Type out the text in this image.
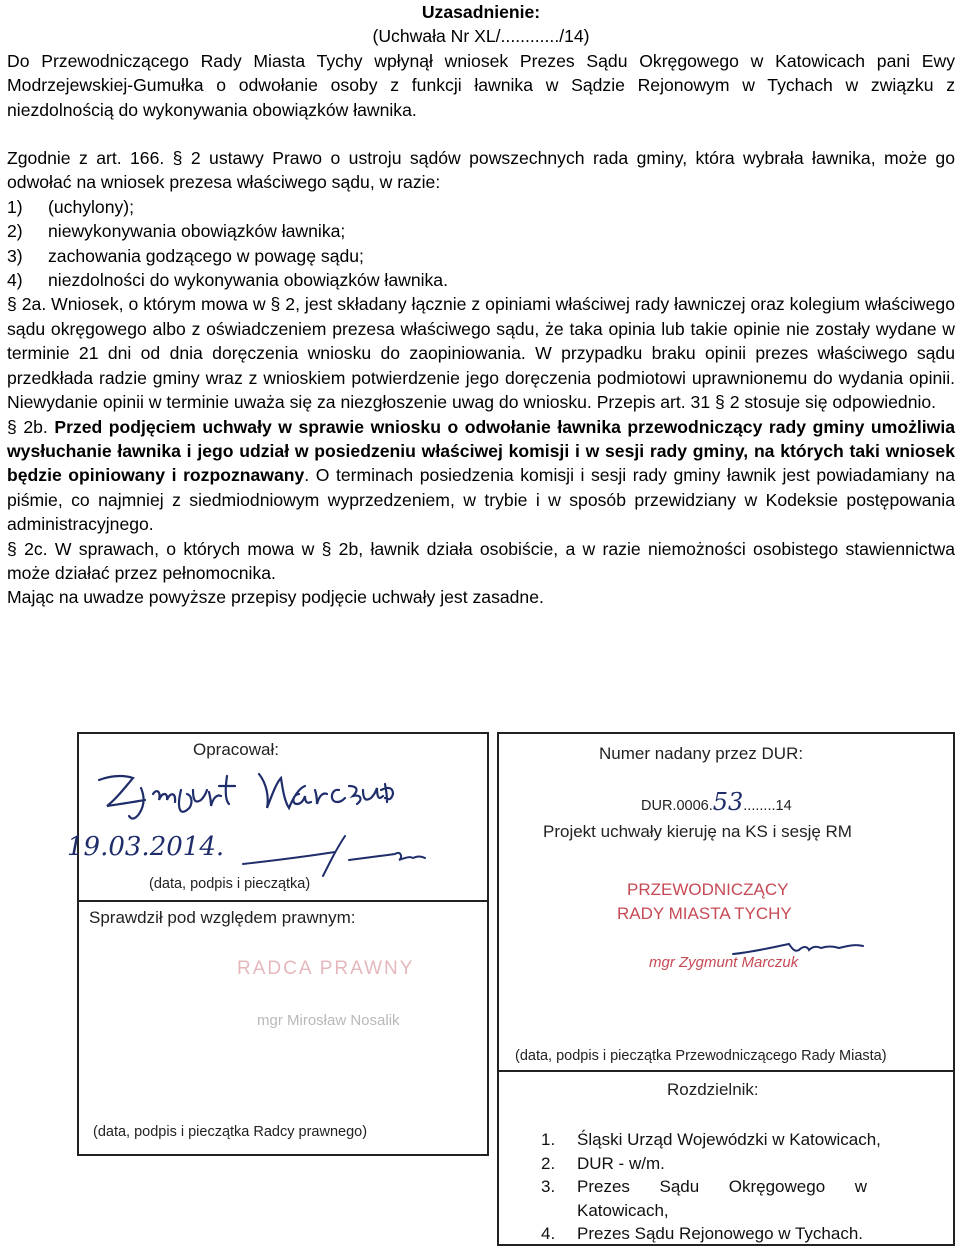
Uzasadnienie:
(Uchwała Nr XL/............/14)
Do Przewodniczącego Rady Miasta Tychy wpłynął wniosek Prezes Sądu Okręgowego w Katowicach pani Ewy Modrzejewskiej-Gumułka o odwołanie osoby z funkcji ławnika w Sądzie Rejonowym w Tychach w związku z niezdolnością do wykonywania obowiązków ławnika.
Zgodnie z art. 166. § 2 ustawy Prawo o ustroju sądów powszechnych rada gminy, która wybrała ławnika, może go odwołać na wniosek prezesa właściwego sądu, w razie:
1)	(uchylony);
2)	niewykonywania obowiązków ławnika;
3)	zachowania godzącego w powagę sądu;
4)	niezdolności do wykonywania obowiązków ławnika.
§ 2a. Wniosek, o którym mowa w § 2, jest składany łącznie z opiniami właściwej rady ławniczej oraz kolegium właściwego sądu okręgowego albo z oświadczeniem prezesa właściwego sądu, że taka opinia lub takie opinie nie zostały wydane w terminie 21 dni od dnia doręczenia wniosku do zaopiniowania. W przypadku braku opinii prezes właściwego sądu przedkłada radzie gminy wraz z wnioskiem potwierdzenie jego doręczenia podmiotowi uprawnionemu do wydania opinii. Niewydanie opinii w terminie uważa się za niezgłoszenie uwag do wniosku. Przepis art. 31 § 2 stosuje się odpowiednio.
§ 2b. Przed podjęciem uchwały w sprawie wniosku o odwołanie ławnika przewodniczący rady gminy umożliwia wysłuchanie ławnika i jego udział w posiedzeniu właściwej komisji i w sesji rady gminy, na których taki wniosek będzie opiniowany i rozpoznawany. O terminach posiedzenia komisji i sesji rady gminy ławnik jest powiadamiany na piśmie, co najmniej z siedmiodniowym wyprzedzeniem, w trybie i w sposób przewidziany w Kodeksie postępowania administracyjnego.
§ 2c. W sprawach, o których mowa w § 2b, ławnik działa osobiście, a w razie niemożności osobistego stawiennictwa może działać przez pełnomocnika.
Mając na uwadze powyższe przepisy podjęcie uchwały jest zasadne.
Opracował:
19.03.2014.
(data, podpis i pieczątka)
Sprawdził pod względem prawnym:
RADCA PRAWNY
mgr Mirosław Nosalik
(data, podpis i pieczątka Radcy prawnego)
Numer nadany przez DUR:
DUR.0006.53........14
Projekt uchwały kieruję na KS i sesję RM
PRZEWODNICZĄCY
RADY MIASTA TYCHY
mgr Zygmunt Marczuk
(data, podpis i pieczątka Przewodniczącego Rady Miasta)
Rozdzielnik:
1.	Śląski Urząd Wojewódzki w Katowicach,
2.	DUR - w/m.
3.	Prezes Sądu Okręgowego w Katowicach,
4.	Prezes Sądu Rejonowego w Tychach.
